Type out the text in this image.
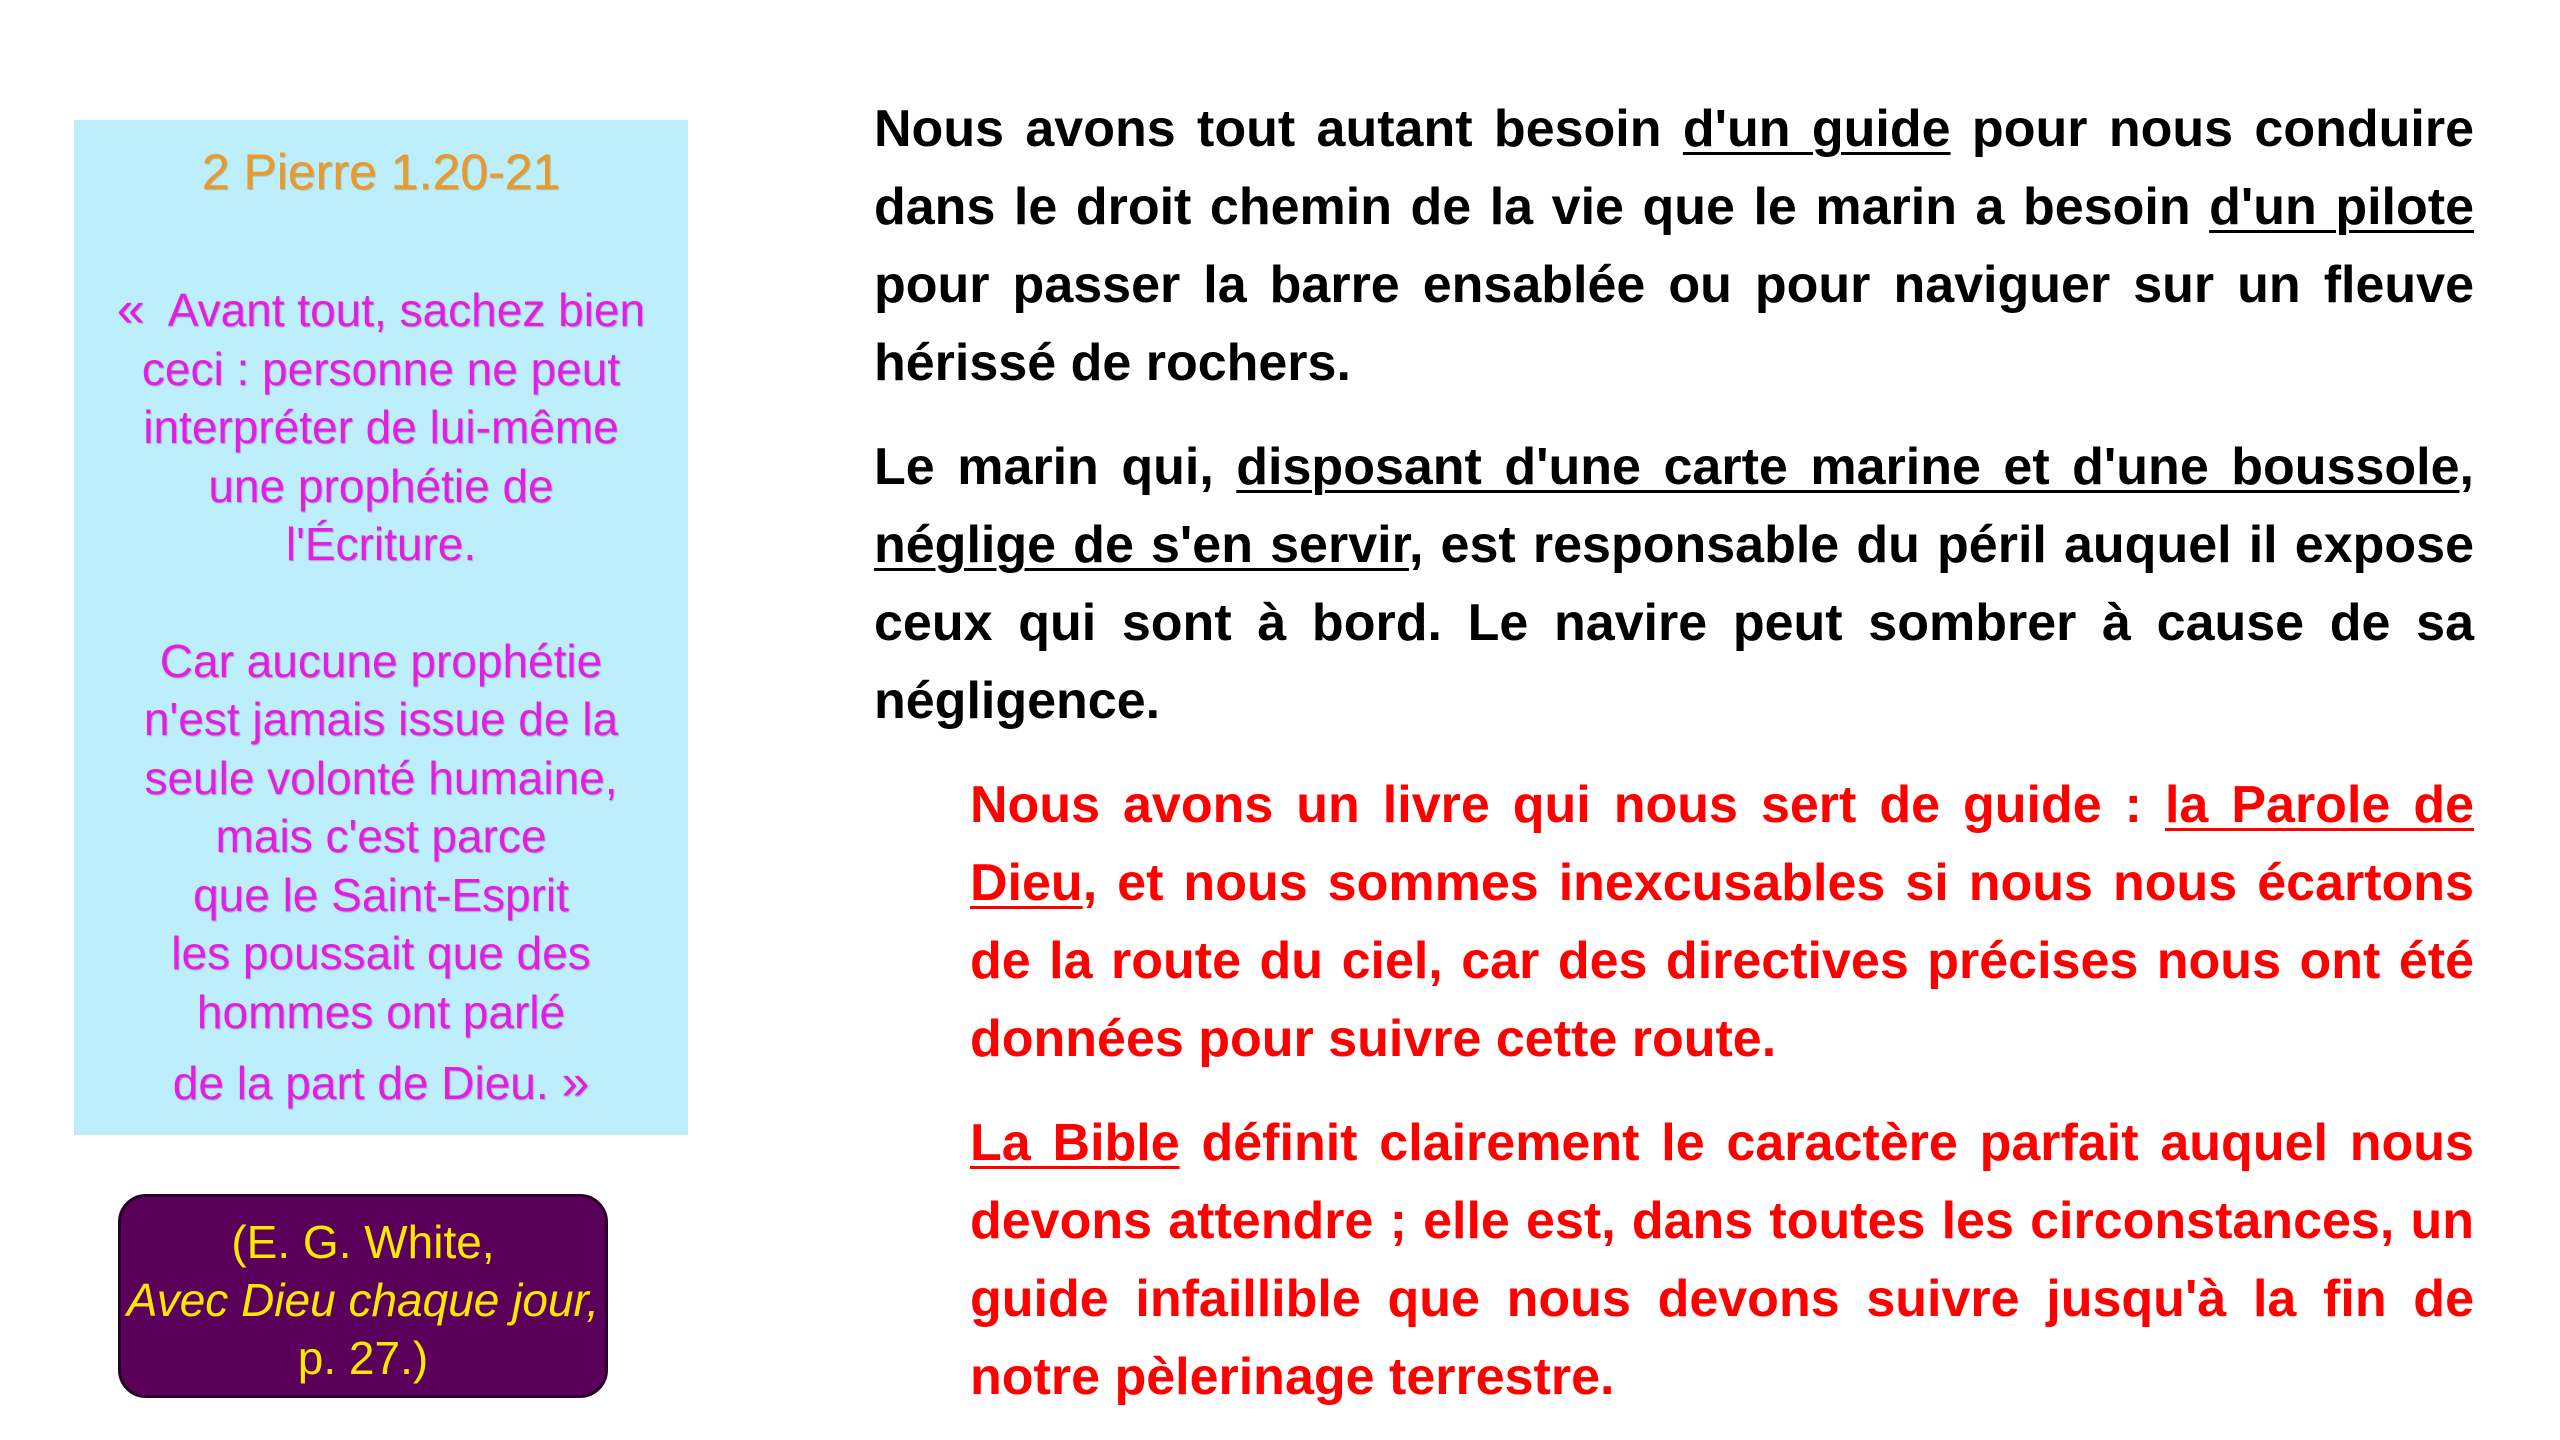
2 Pierre 1.20-21

« Avant tout, sachez bien ceci : personne ne peut interpréter de lui-même une prophétie de l'Écriture.

Car aucune prophétie
n'est jamais issue de la
seule volonté humaine,
mais c'est parce
que le Saint-Esprit
les poussait que des
hommes ont parlé

de la part de Dieu. »

(E. G. White,
Avec Dieu chaque jour, p. 27.)

Nous avons tout autant besoin d'un guide pour nous conduire dans le droit chemin de la vie que le marin a besoin d'un pilote pour passer la barre ensablée ou pour naviguer sur un fleuve hérissé de rochers.

Le marin qui, disposant d'une carte marine et d'une boussole, néglige de s'en servir, est responsable du péril auquel il expose ceux qui sont à bord. Le navire peut sombrer à cause de sa négligence.

Nous avons un livre qui nous sert de guide : la Parole de Dieu, et nous sommes inexcusables si nous nous écartons de la route du ciel, car des directives précises nous ont été données pour suivre cette route.

La Bible définit clairement le caractère parfait auquel nous devons attendre ; elle est, dans toutes les circonstances, un guide infaillible que nous devons suivre jusqu'à la fin de notre pèlerinage terrestre.
